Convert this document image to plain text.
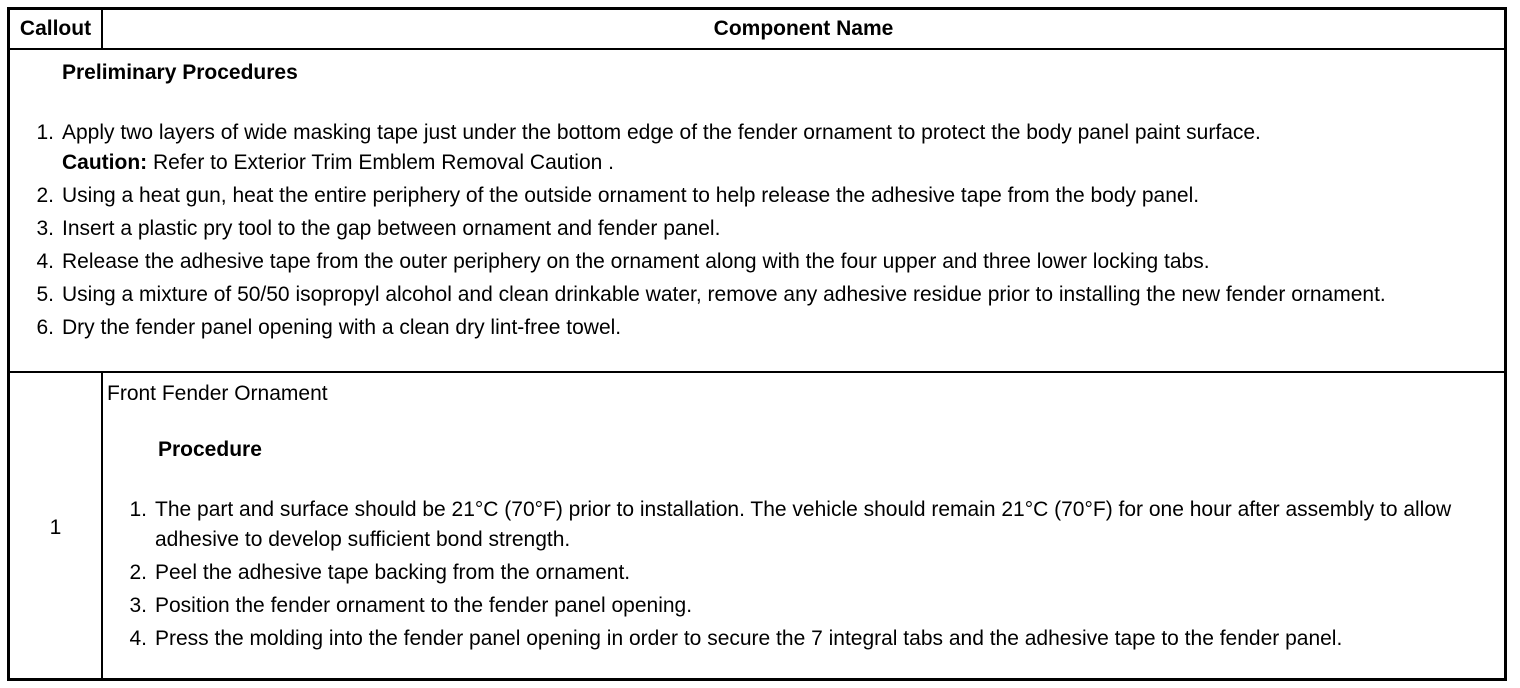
Callout	Component Name
Preliminary Procedures
1. Apply two layers of wide masking tape just under the bottom edge of the fender ornament to protect the body panel paint surface.
Caution: Refer to Exterior Trim Emblem Removal Caution .
2. Using a heat gun, heat the entire periphery of the outside ornament to help release the adhesive tape from the body panel.
3. Insert a plastic pry tool to the gap between ornament and fender panel.
4. Release the adhesive tape from the outer periphery on the ornament along with the four upper and three lower locking tabs.
5. Using a mixture of 50/50 isopropyl alcohol and clean drinkable water, remove any adhesive residue prior to installing the new fender ornament.
6. Dry the fender panel opening with a clean dry lint-free towel.
1
Front Fender Ornament
Procedure
1. The part and surface should be 21°C (70°F) prior to installation. The vehicle should remain 21°C (70°F) for one hour after assembly to allow adhesive to develop sufficient bond strength.
2. Peel the adhesive tape backing from the ornament.
3. Position the fender ornament to the fender panel opening.
4. Press the molding into the fender panel opening in order to secure the 7 integral tabs and the adhesive tape to the fender panel.
